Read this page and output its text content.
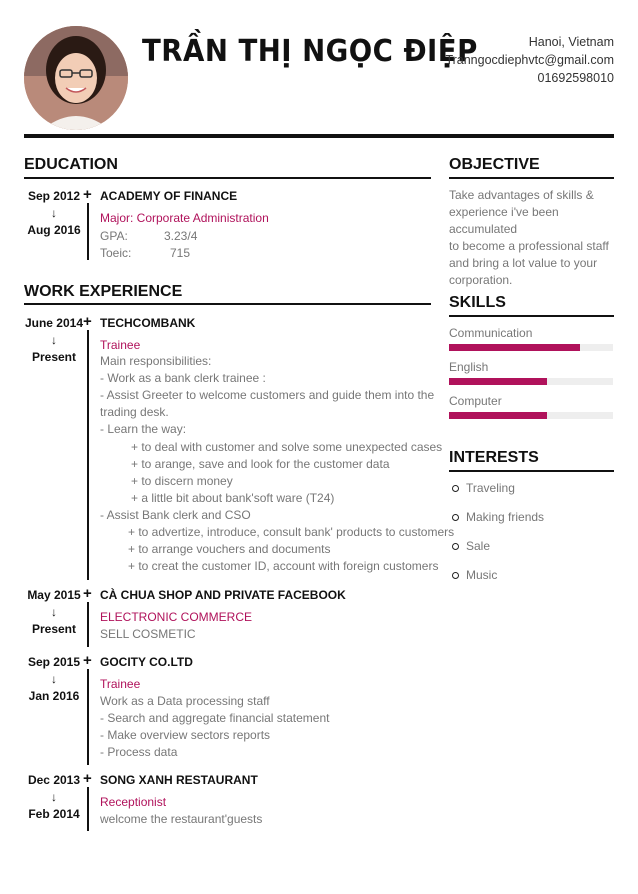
TRẦN THỊ NGỌC ĐIỆP	Hanoi, Vietnam
Tranngocdiephvtc@gmail.com
01692598010
EDUCATION
Sep 2012
↓
Aug 2016
+ ACADEMY OF FINANCE
Major: Corporate Administration
GPA:	3.23/4
Toeic:	715
WORK EXPERIENCE
June 2014
↓
Present
+ TECHCOMBANK
Trainee
Main responsibilities:
- Work as a bank clerk trainee :
- Assist Greeter to welcome customers and guide them into the
trading desk.
- Learn the way:
+ to deal with customer and solve some unexpected cases
+ to arange, save and look for the customer data
+ to discern money
+ a little bit about bank'soft ware (T24)
- Assist Bank clerk and CSO
+ to advertize, introduce, consult bank' products to customers
+ to arrange vouchers and documents
+ to creat the customer ID, account with foreign customers
May 2015
↓
Present
+ CÀ CHUA SHOP AND PRIVATE FACEBOOK
ELECTRONIC COMMERCE
SELL COSMETIC
Sep 2015
↓
Jan 2016
+ GOCITY CO.LTD
Trainee
Work as a Data processing staff
- Search and aggregate financial statement
- Make overview sectors reports
- Process data
Dec 2013
↓
Feb 2014
+ SONG XANH RESTAURANT
Receptionist
welcome the restaurant'guests
OBJECTIVE
Take advantages of skills &
experience i've been accumulated
to become a professional staff
and bring a lot value to your
corporation.
SKILLS
Communication
English
Computer
INTERESTS
Traveling
Making friends
Sale
Music
